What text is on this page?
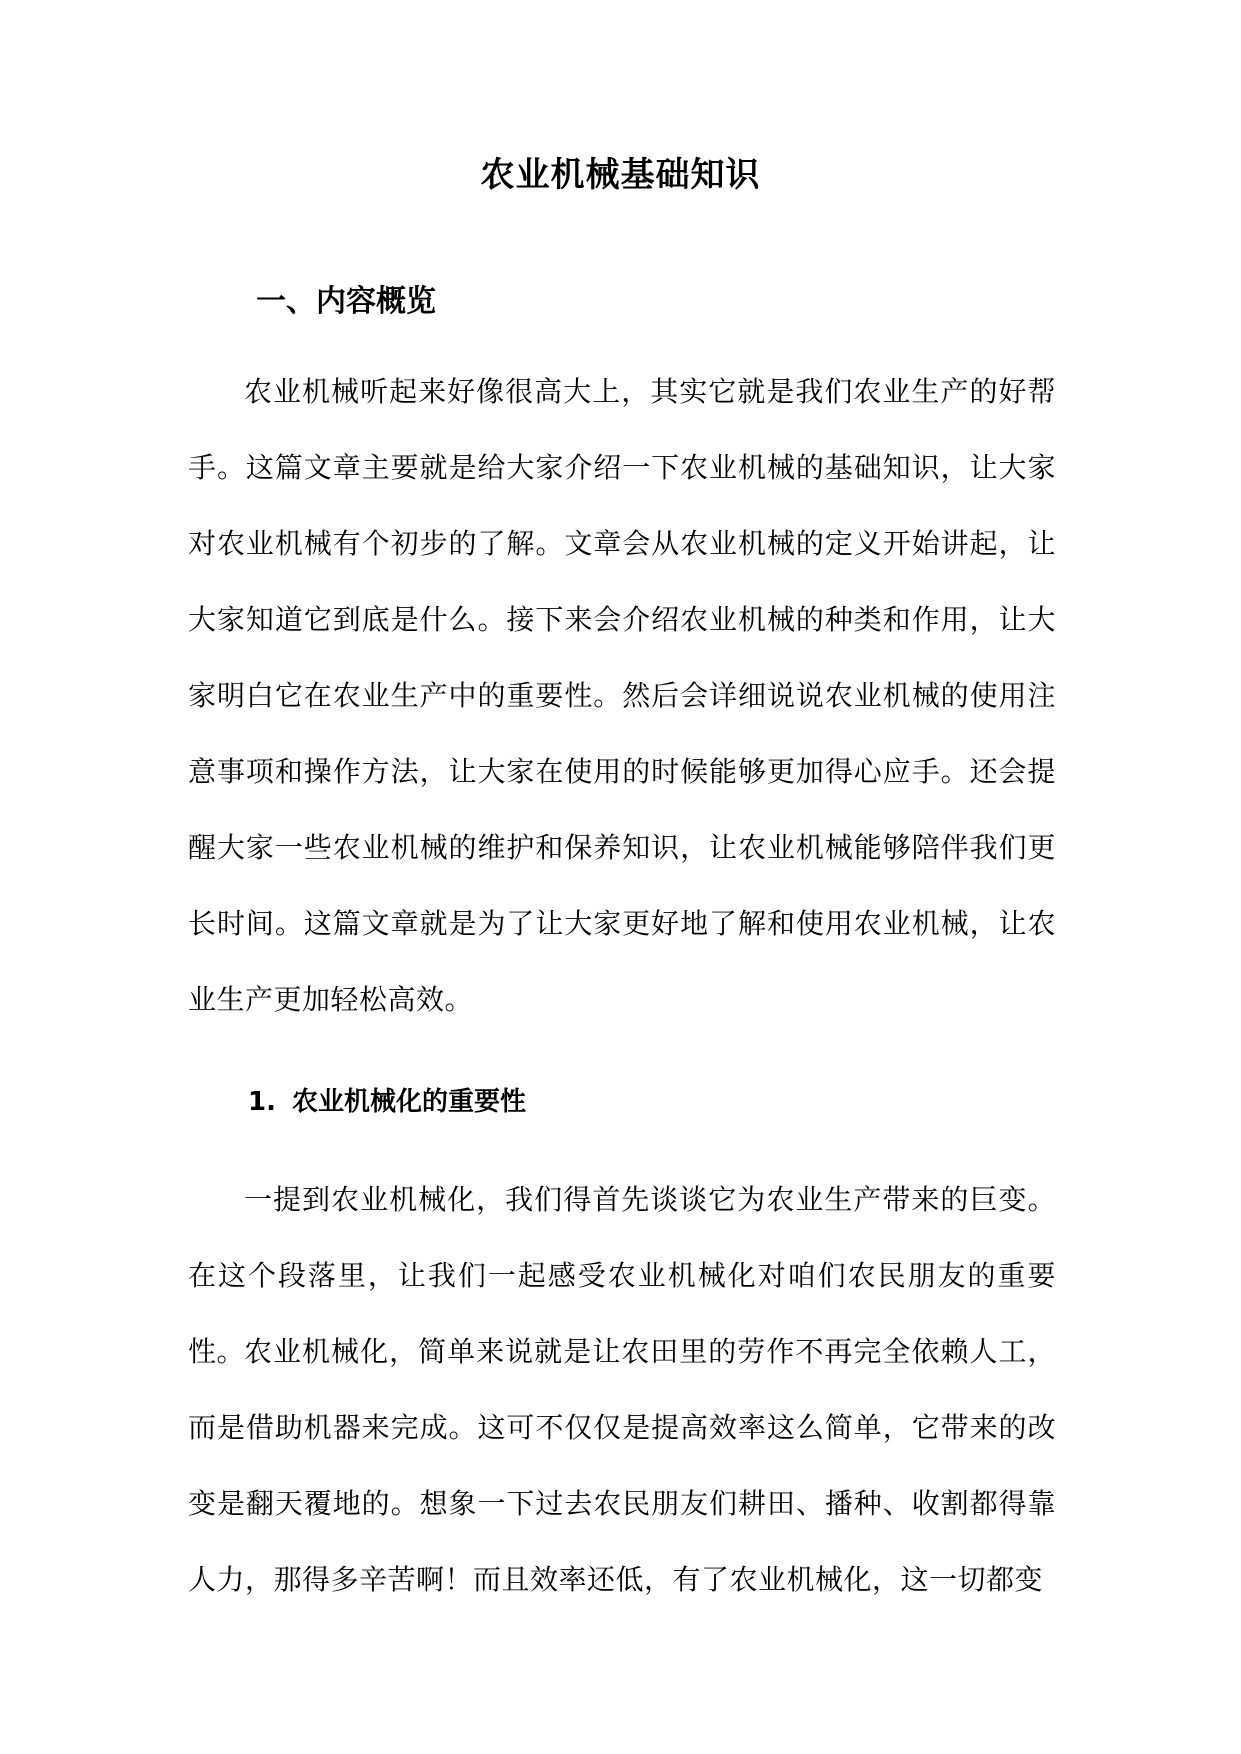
农业机械基础知识
一、内容概览

农业机械听起来好像很高大上，其实它就是我们农业生产的好帮手。这篇文章主要就是给大家介绍一下农业机械的基础知识，让大家对农业机械有个初步的了解。文章会从农业机械的定义开始讲起，让大家知道它到底是什么。接下来会介绍农业机械的种类和作用，让大家明白它在农业生产中的重要性。然后会详细说说农业机械的使用注意事项和操作方法，让大家在使用的时候能够更加得心应手。还会提醒大家一些农业机械的维护和保养知识，让农业机械能够陪伴我们更长时间。这篇文章就是为了让大家更好地了解和使用农业机械，让农业生产更加轻松高效。

1. 农业机械化的重要性

一提到农业机械化，我们得首先谈谈它为农业生产带来的巨变。在这个段落里，让我们一起感受农业机械化对咱们农民朋友的重要性。

农业机械化，简单来说就是让农田里的劳作不再完全依赖人工，而是借助机器来完成。这可不仅仅是提高效率这么简单，它带来的改变是翻天覆地的。想象一下过去农民朋友们耕田、播种、收割都得靠人力，那得多辛苦啊！而且效率还低，有了农业机械化，这一切都变
